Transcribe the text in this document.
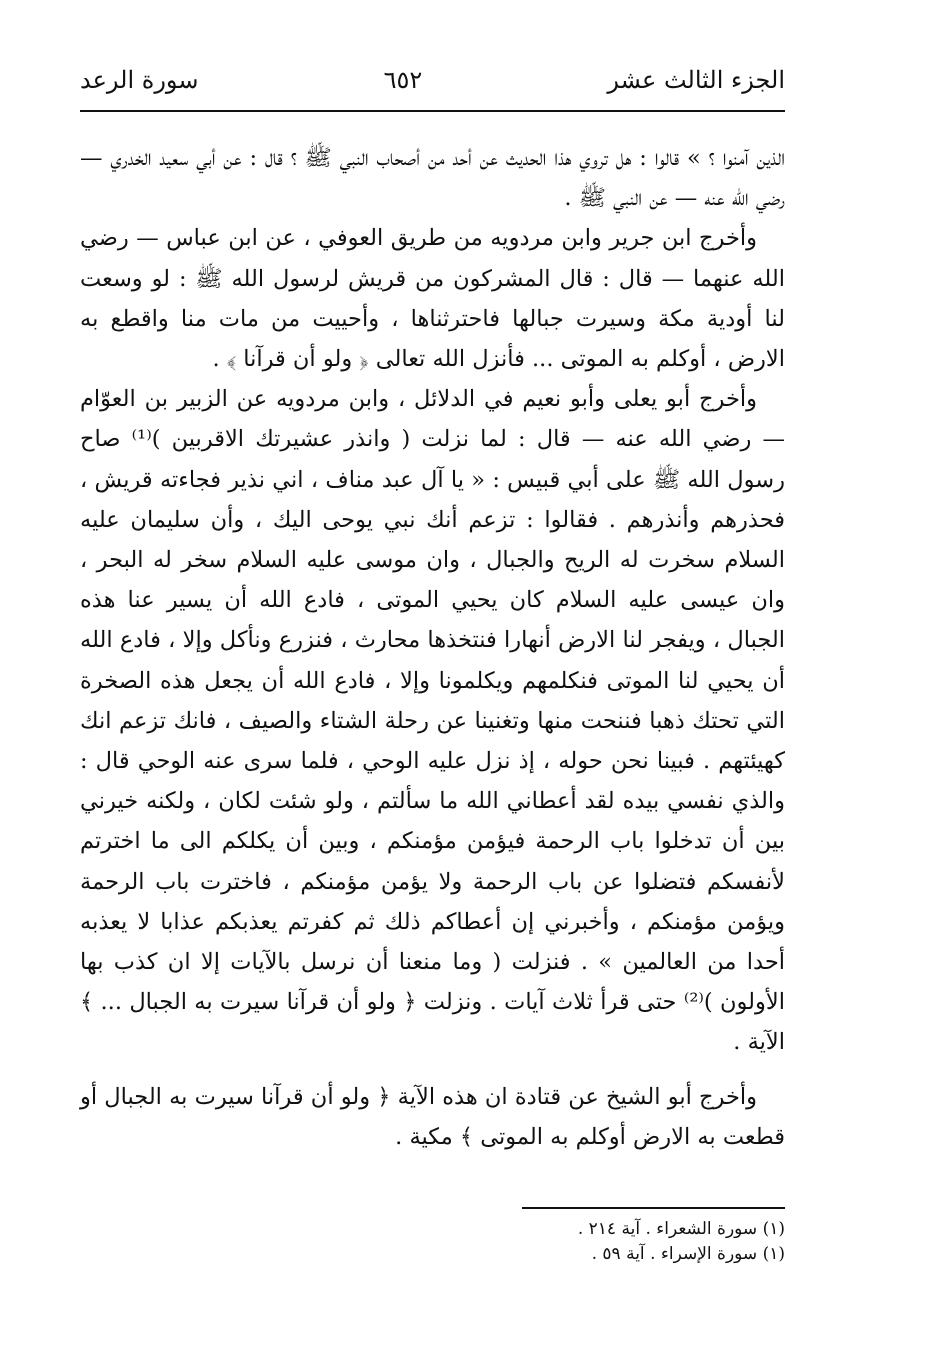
الجزء الثالث عشر
٦٥٢
سورة الرعد

الذين آمنوا ؟ » قالوا : هل تروي هذا الحديث عن أحد من أصحاب النبي ﷺ ؟ قال : عن أبي سعيد الخدري — رضي الله عنه — عن النبي ﷺ .

وأخرج ابن جرير وابن مردويه من طريق العوفي ، عن ابن عباس — رضي الله عنهما — قال : قال المشركون من قريش لرسول الله ﷺ : لو وسعت لنا أودية مكة وسيرت جبالها فاحترثناها ، وأحييت من مات منا واقطع به الارض ، أوكلم به الموتى ... فأنزل الله تعالى ﴿ ولو أن قرآنا ﴾ .

وأخرج أبو يعلى وأبو نعيم في الدلائل ، وابن مردويه عن الزبير بن العوّام — رضي الله عنه — قال : لما نزلت ( وانذر عشيرتك الاقربين )⁽¹⁾ صاح رسول الله ﷺ على أبي قبيس : « يا آل عبد مناف ، اني نذير فجاءته قريش ، فحذرهم وأنذرهم . فقالوا : تزعم أنك نبي يوحى اليك ، وأن سليمان عليه السلام سخرت له الريح والجبال ، وان موسى عليه السلام سخر له البحر ، وان عيسى عليه السلام كان يحيي الموتى ، فادع الله أن يسير عنا هذه الجبال ، ويفجر لنا الارض أنهارا فنتخذها محارث ، فنزرع ونأكل وإلا ، فادع الله أن يحيي لنا الموتى فنكلمهم ويكلمونا وإلا ، فادع الله أن يجعل هذه الصخرة التي تحتك ذهبا فننحت منها وتغنينا عن رحلة الشتاء والصيف ، فانك تزعم انك كهيئتهم . فبينا نحن حوله ، إذ نزل عليه الوحي ، فلما سرى عنه الوحي قال : والذي نفسي بيده لقد أعطاني الله ما سألتم ، ولو شئت لكان ، ولكنه خيرني بين أن تدخلوا باب الرحمة فيؤمن مؤمنكم ، وبين أن يكلكم الى ما اخترتم لأنفسكم فتضلوا عن باب الرحمة ولا يؤمن مؤمنكم ، فاخترت باب الرحمة ويؤمن مؤمنكم ، وأخبرني إن أعطاكم ذلك ثم كفرتم يعذبكم عذابا لا يعذبه أحدا من العالمين » . فنزلت ( وما منعنا أن نرسل بالآيات إلا ان كذب بها الأولون )⁽²⁾ حتى قرأ ثلاث آيات . ونزلت ﴿ ولو أن قرآنا سيرت به الجبال ... ﴾ الآية .

وأخرج أبو الشيخ عن قتادة ان هذه الآية ﴿ ولو أن قرآنا سيرت به الجبال أو قطعت به الارض أوكلم به الموتى ﴾ مكية .

(١) سورة الشعراء . آية ٢١٤ .

(١) سورة الإسراء . آية ٥٩ .
